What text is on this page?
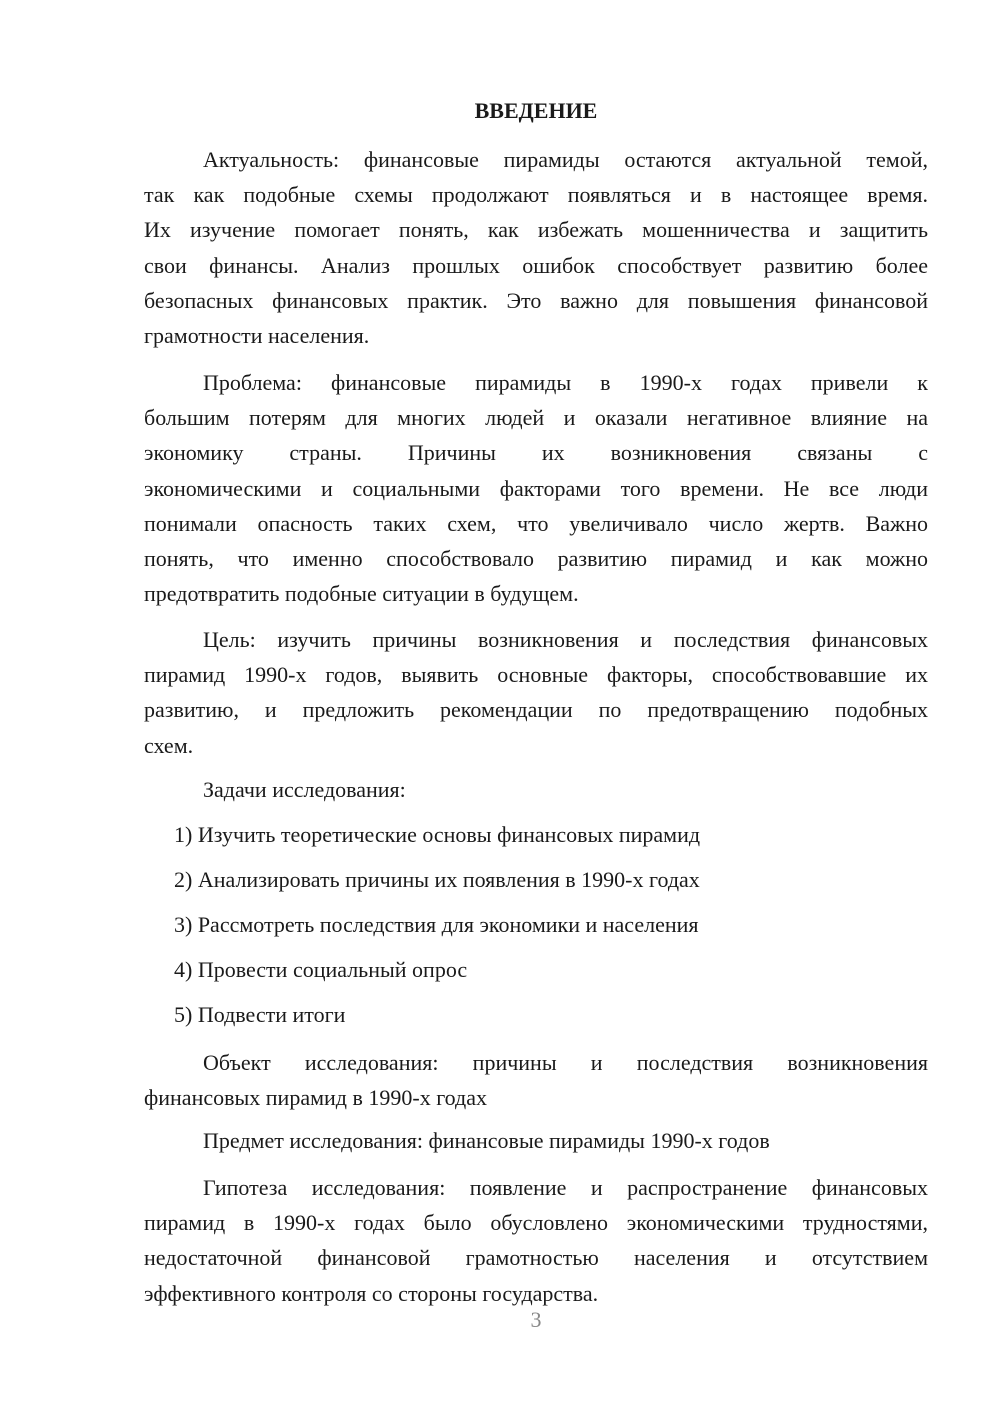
ВВЕДЕНИЕ
Актуальность: финансовые пирамиды остаются актуальной темой,
так как подобные схемы продолжают появляться и в настоящее время.
Их изучение помогает понять, как избежать мошенничества и защитить
свои финансы. Анализ прошлых ошибок способствует развитию более
безопасных финансовых практик. Это важно для повышения финансовой
грамотности населения.
Проблема: финансовые пирамиды в 1990-х годах привели к
большим потерям для многих людей и оказали негативное влияние на
экономику страны. Причины их возникновения связаны с
экономическими и социальными факторами того времени. Не все люди
понимали опасность таких схем, что увеличивало число жертв. Важно
понять, что именно способствовало развитию пирамид и как можно
предотвратить подобные ситуации в будущем.
Цель: изучить причины возникновения и последствия финансовых
пирамид 1990-х годов, выявить основные факторы, способствовавшие их
развитию, и предложить рекомендации по предотвращению подобных
схем.
Задачи исследования:
1) Изучить теоретические основы финансовых пирамид
2) Анализировать причины их появления в 1990-х годах
3) Рассмотреть последствия для экономики и населения
4) Провести социальный опрос
5) Подвести итоги
Объект исследования: причины и последствия возникновения
финансовых пирамид в 1990-х годах
Предмет исследования: финансовые пирамиды 1990-х годов
Гипотеза исследования: появление и распространение финансовых
пирамид в 1990-х годах было обусловлено экономическими трудностями,
недостаточной финансовой грамотностью населения и отсутствием
эффективного контроля со стороны государства.
3
